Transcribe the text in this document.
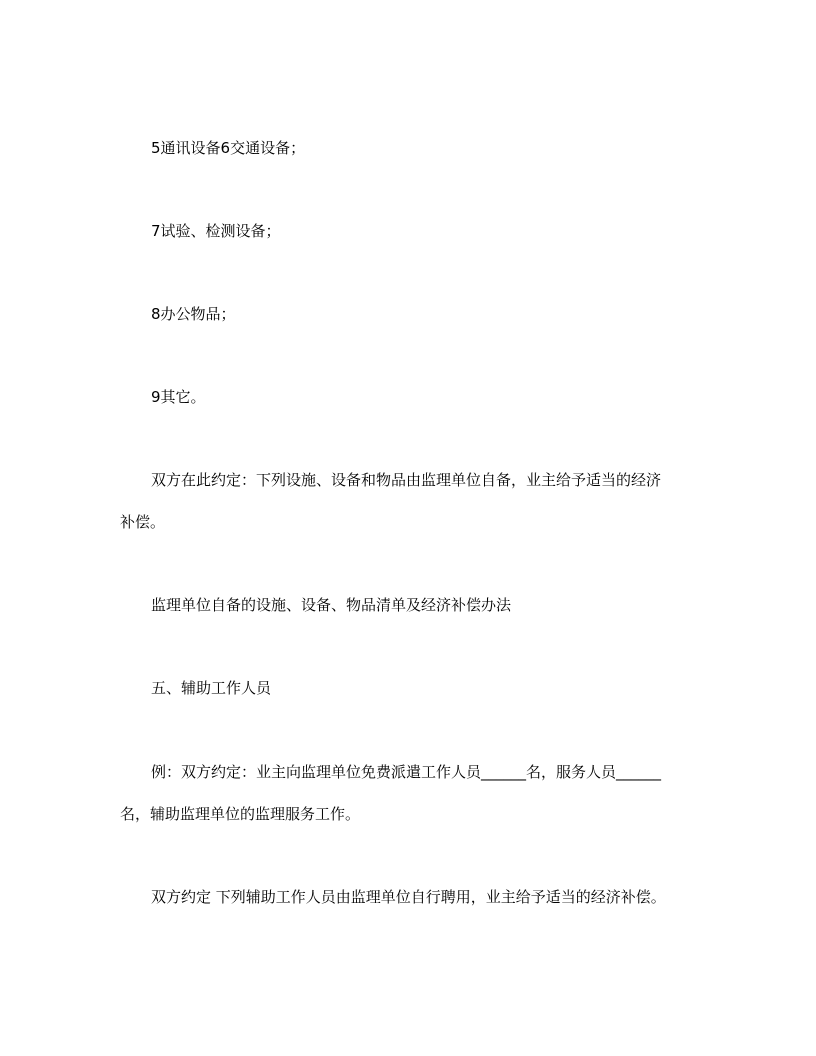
5通讯设备6交通设备；
7试验、检测设备；
8办公物品；
9其它。
双方在此约定：下列设施、设备和物品由监理单位自备，业主给予适当的经济
补偿。
监理单位自备的设施、设备、物品清单及经济补偿办法
五、辅助工作人员
例：双方约定：业主向监理单位免费派遣工作人员______名，服务人员______
名，辅助监理单位的监理服务工作。
双方约定 下列辅助工作人员由监理单位自行聘用，业主给予适当的经济补偿。
